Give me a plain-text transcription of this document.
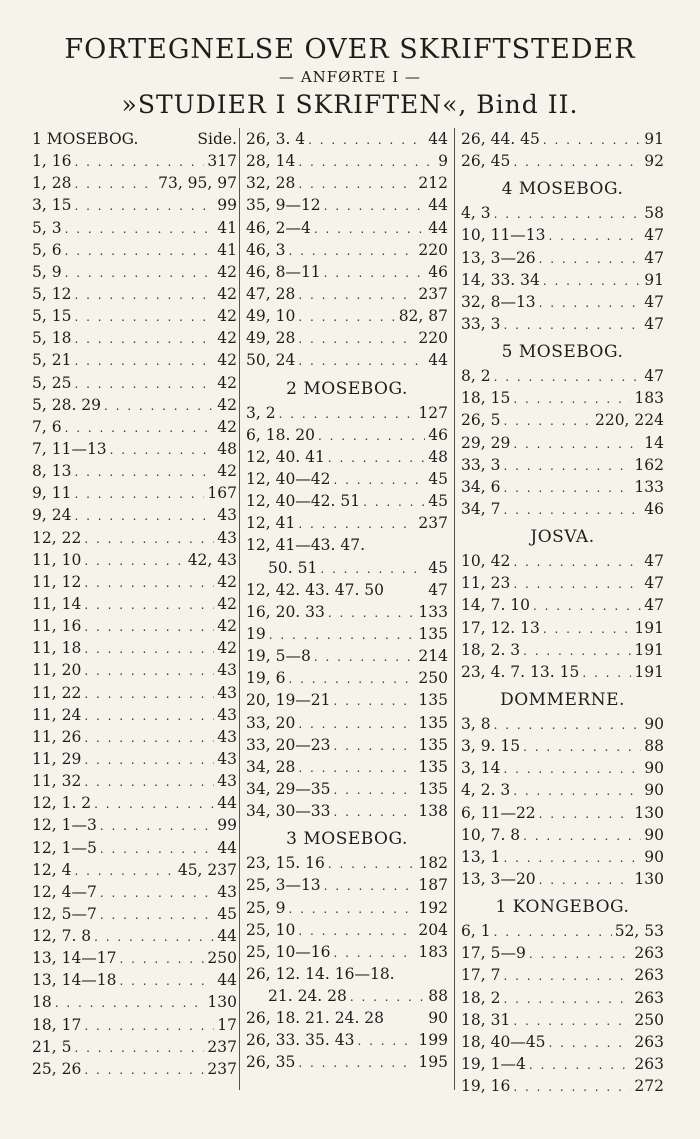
FORTEGNELSE OVER SKRIFTSTEDER
— ANFØRTE I —
»STUDIER I SKRIFTEN«, Bind II.
1 MOSEBOG.	Side.
1, 16 . . .	317
1, 28 . . .	73, 95, 97
3, 15 . . .	99
5, 3 . . .	41
5, 6 . . .	41
5, 9 . . .	42
5, 12 . . .	42
5, 15 . . .	42
5, 18 . . .	42
5, 21 . . .	42
5, 25 . . .	42
5, 28. 29 . . .	42
7, 6 . . .	42
7, 11—13 . . .	48
8, 13 . . .	42
9, 11 . . .	167
9, 24 . . .	43
12, 22 . . .	43
11, 10 . . .	42, 43
11, 12 . . .	42
11, 14 . . .	42
11, 16 . . .	42
11, 18 . . .	42
11, 20 . . .	43
11, 22 . . .	43
11, 24 . . .	43
11, 26 . . .	43
11, 29 . . .	43
11, 32 . . .	43
12, 1. 2 . . .	44
12, 1—3 . . .	99
12, 1—5 . . .	44
12, 4 . . .	45, 237
12, 4—7 . . .	43
12, 5—7 . . .	45
12, 7. 8 . . .	44
13, 14—17 . . .	250
13, 14—18 . . .	44
18 . . .	130
18, 17 . . .	17
21, 5 . . .	237
25, 26 . . .	237
26, 3. 4 . . .	44
28, 14 . . .	9
32, 28 . . .	212
35, 9—12 . . .	44
46, 2—4 . . .	44
46, 3 . . .	220
46, 8—11 . . .	46
47, 28 . . .	237
49, 10 . . .	82, 87
49, 28 . . .	220
50, 24 . . .	44
2 MOSEBOG.
3, 2 . . .	127
6, 18. 20 . . .	46
12, 40. 41 . . .	48
12, 40—42 . . .	45
12, 40—42. 51 . . .	45
12, 41 . . .	237
12, 41—43. 47.
50. 51 . . .	45
12, 42. 43. 47. 50	47
16, 20. 33 . . .	133
19 . . .	135
19, 5—8 . . .	214
19, 6 . . .	250
20, 19—21 . . .	135
33, 20 . . .	135
33, 20—23 . . .	135
34, 28 . . .	135
34, 29—35 . . .	135
34, 30—33 . . .	138
3 MOSEBOG.
23, 15. 16 . . .	182
25, 3—13 . . .	187
25, 9 . . .	192
25, 10 . . .	204
25, 10—16 . . .	183
26, 12. 14. 16—18.
21. 24. 28 . . .	88
26, 18. 21. 24. 28	90
26, 33. 35. 43 . . .	199
26, 35 . . .	195
26, 44. 45 . . .	91
26, 45 . . .	92
4 MOSEBOG.
4, 3 . . .	58
10, 11—13 . . .	47
13, 3—26 . . .	47
14, 33. 34 . . .	91
32, 8—13 . . .	47
33, 3 . . .	47
5 MOSEBOG.
8, 2 . . .	47
18, 15 . . .	183
26, 5 . . .	220, 224
29, 29 . . .	14
33, 3 . . .	162
34, 6 . . .	133
34, 7 . . .	46
JOSVA.
10, 42 . . .	47
11, 23 . . .	47
14, 7. 10 . . .	47
17, 12. 13 . . .	191
18, 2. 3 . . .	191
23, 4. 7. 13. 15 . . .	191
DOMMERNE.
3, 8 . . .	90
3, 9. 15 . . .	88
3, 14 . . .	90
4, 2. 3 . . .	90
6, 11—22 . . .	130
10, 7. 8 . . .	90
13, 1 . . .	90
13, 3—20 . . .	130
1 KONGEBOG.
6, 1 . . .	52, 53
17, 5—9 . . .	263
17, 7 . . .	263
18, 2 . . .	263
18, 31 . . .	250
18, 40—45 . . .	263
19, 1—4 . . .	263
19, 16 . . .	272
